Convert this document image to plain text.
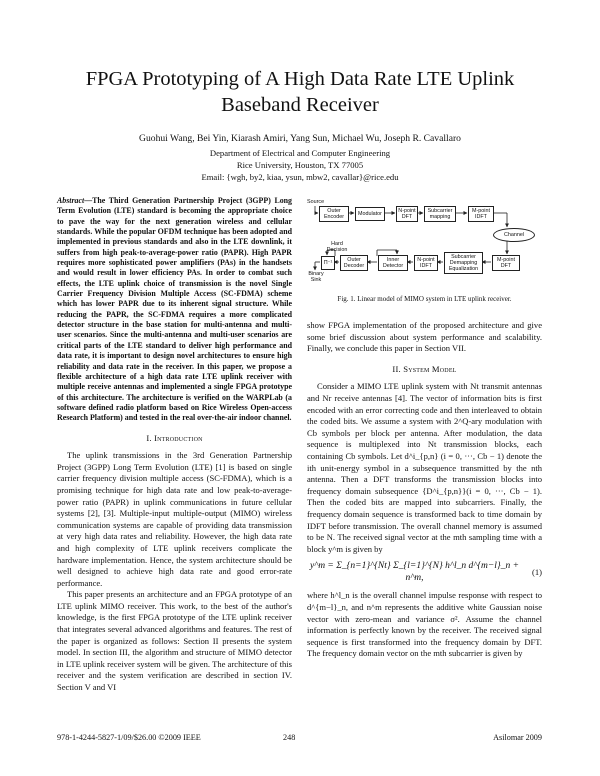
FPGA Prototyping of A High Data Rate LTE Uplink Baseband Receiver
Guohui Wang, Bei Yin, Kiarash Amiri, Yang Sun, Michael Wu, Joseph R. Cavallaro
Department of Electrical and Computer Engineering
Rice University, Houston, TX 77005
Email: {wgh, by2, kiaa, ysun, mbw2, cavallar}@rice.edu
Abstract—The Third Generation Partnership Project (3GPP) Long Term Evolution (LTE) standard is becoming the appropriate choice to pave the way for the next generation wireless and cellular standards. While the popular OFDM technique has been adopted and implemented in previous standards and also in the LTE downlink, it suffers from high peak-to-average-power ratio (PAPR). High PAPR requires more sophisticated power amplifiers (PAs) in the handsets and would result in lower efficiency PAs. In order to combat such effects, the LTE uplink choice of transmission is the novel Single Carrier Frequency Division Multiple Access (SC-FDMA) scheme which has lower PAPR due to its inherent signal structure. While reducing the PAPR, the SC-FDMA requires a more complicated detector structure in the base station for multi-antenna and multi-user scenarios. Since the multi-antenna and multi-user scenarios are critical parts of the LTE standard to deliver high performance and data rate, it is important to design novel architectures to ensure high reliability and data rate in the receiver. In this paper, we propose a flexible architecture of a high data rate LTE uplink receiver with multiple receive antennas and implemented a single FPGA prototype of this architecture. The architecture is verified on the WARPLab (a software defined radio platform based on Rice Wireless Open-access Research Platform) and tested in the real over-the-air indoor channel.
I. Introduction

The uplink transmissions in the 3rd Generation Partnership Project (3GPP) Long Term Evolution (LTE) [1] is based on single carrier frequency division multiple access (SC-FDMA), which is a promising technique for high data rate and low peak-to-average-power ratio (PAPR) in uplink communications in future cellular systems [2], [3]. Multiple-input multiple-output (MIMO) wireless communication systems are capable of providing data transmission at very high data rates and reliability. However, the high data rate and high complexity of LTE uplink receivers complicate the hardware implementation. Hence, the system architecture should be well designed to achieve high data rate and good error-rate performance.

This paper presents an architecture and an FPGA prototype of an LTE uplink MIMO receiver. This work, to the best of the author's knowledge, is the first FPGA prototype of the LTE uplink receiver that integrates several advanced algorithms and features. The rest of the paper is organized as follows: Section II presents the system model. In section III, the algorithm and structure of MIMO detector in LTE uplink receiver system will be given. The architecture of this receiver and the system verification are described in section IV. Section V and VI

Source
Outer Encoder	Modulator	N-point DFT
Subcarrier mapping
M-point IDFT
Channel
Hard Decision
Π⁻¹	Outer Decoder
Inner Detector
N-point IDFT
Subcarrier Demapping Equalization
M-point DFT
Binary Sink
Fig. 1. Linear model of MIMO system in LTE uplink receiver.

show FPGA implementation of the proposed architecture and give some brief discussion about system performance and scalability. Finally, we conclude this paper in Section VII.

II. System Model

Consider a MIMO LTE uplink system with Nt transmit antennas and Nr receive antennas [4]. The vector of information bits is first encoded with an error correcting code and then interleaved to obtain the coded bits. We assume a system with 2^Q-ary modulation with Cb symbols per block per antenna. After modulation, the data sequence is multiplexed into Nt transmission blocks, each containing Cb symbols. Let d^i_{p,n} (i = 0, ···, Cb − 1) denote the ith unit-energy symbol in a subsequence transmitted by the nth antenna. Then a DFT transforms the transmission blocks into frequency domain subsequence {D^i_{p,n}}(i = 0, ···, Cb − 1). Then the coded bits are mapped into subcarriers. Finally, the frequency domain sequence is transformed back to time domain by IDFT before transmission. The overall channel memory is assumed to be N. The received signal vector at the mth sampling time with a block y^m is given by

y^m = Σ_{n=1}^{Nt} Σ_{l=1}^{N} h^l_n d^{m−l}_n + n^m,
(1)

where h^l_n is the overall channel impulse response with respect to d^{m−l}_n, and n^m represents the additive white Gaussian noise vector with zero-mean and variance σ². Assume the channel information is perfectly known by the receiver. The received signal sequence is first transformed into the frequency domain by DFT. The frequency domain vector on the mth subcarrier is given by

978-1-4244-5827-1/09/$26.00 ©2009 IEEE	248	Asilomar 2009
